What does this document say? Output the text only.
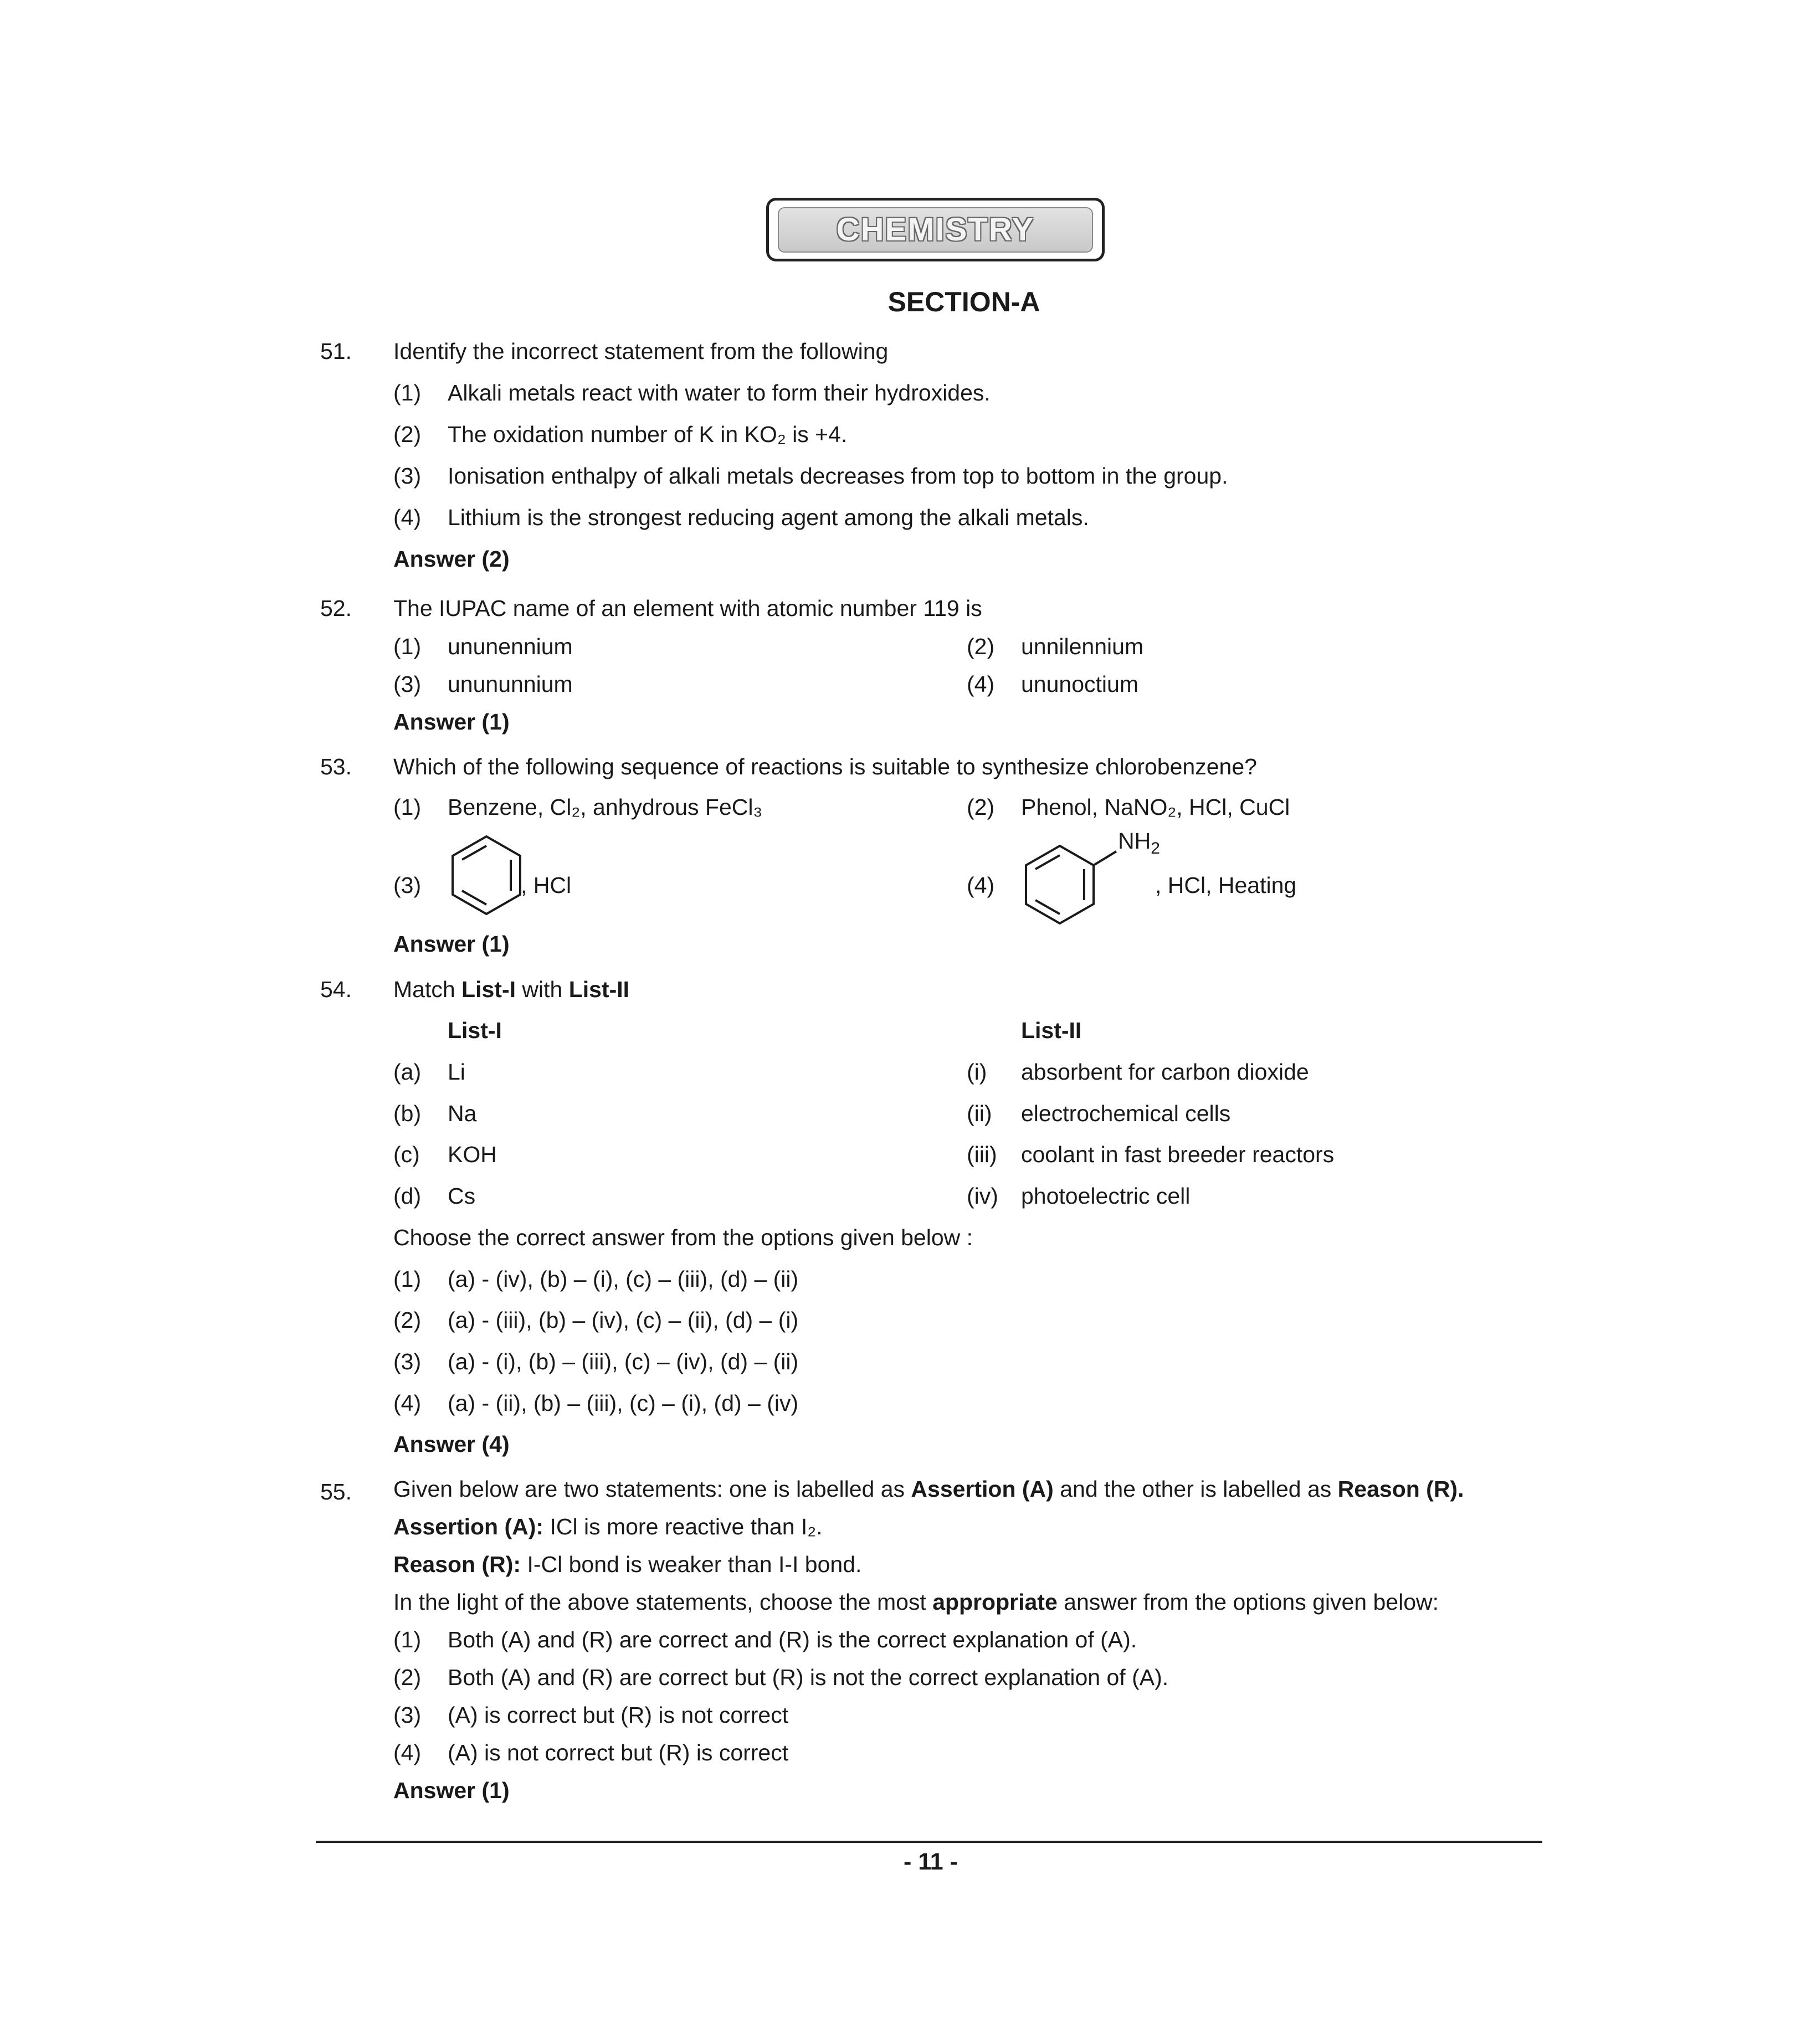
CHEMISTRY
SECTION-A
51. Identify the incorrect statement from the following
(1) Alkali metals react with water to form their hydroxides.
(2) The oxidation number of K in KO₂ is +4.
(3) Ionisation enthalpy of alkali metals decreases from top to bottom in the group.
(4) Lithium is the strongest reducing agent among the alkali metals.
Answer (2)
52. The IUPAC name of an element with atomic number 119 is
(1) ununennium	(2) unnilennium
(3) unununnium	(4) ununoctium
Answer (1)
53. Which of the following sequence of reactions is suitable to synthesize chlorobenzene?
(1) Benzene, Cl₂, anhydrous FeCl₃	(2) Phenol, NaNO₂, HCl, CuCl
(3)	, HCl	(4)
$NH_2$
, HCl, Heating
Answer (1)
54. Match List-I with List-II
List-I	List-II
(a) Li	(i) absorbent for carbon dioxide
(b) Na	(ii) electrochemical cells
(c) KOH	(iii) coolant in fast breeder reactors
(d) Cs	(iv) photoelectric cell
Choose the correct answer from the options given below :
(1) (a) - (iv), (b) – (i), (c) – (iii), (d) – (ii)
(2) (a) - (iii), (b) – (iv), (c) – (ii), (d) – (i)
(3) (a) - (i), (b) – (iii), (c) – (iv), (d) – (ii)
(4) (a) - (ii), (b) – (iii), (c) – (i), (d) – (iv)
Answer (4)
55. Given below are two statements: one is labelled as Assertion (A) and the other is labelled as Reason (R).
Assertion (A): ICl is more reactive than I₂.
Reason (R): I-Cl bond is weaker than I-I bond.
In the light of the above statements, choose the most appropriate answer from the options given below:
(1) Both (A) and (R) are correct and (R) is the correct explanation of (A).
(2) Both (A) and (R) are correct but (R) is not the correct explanation of (A).
(3) (A) is correct but (R) is not correct
(4) (A) is not correct but (R) is correct
Answer (1)
- 11 -
